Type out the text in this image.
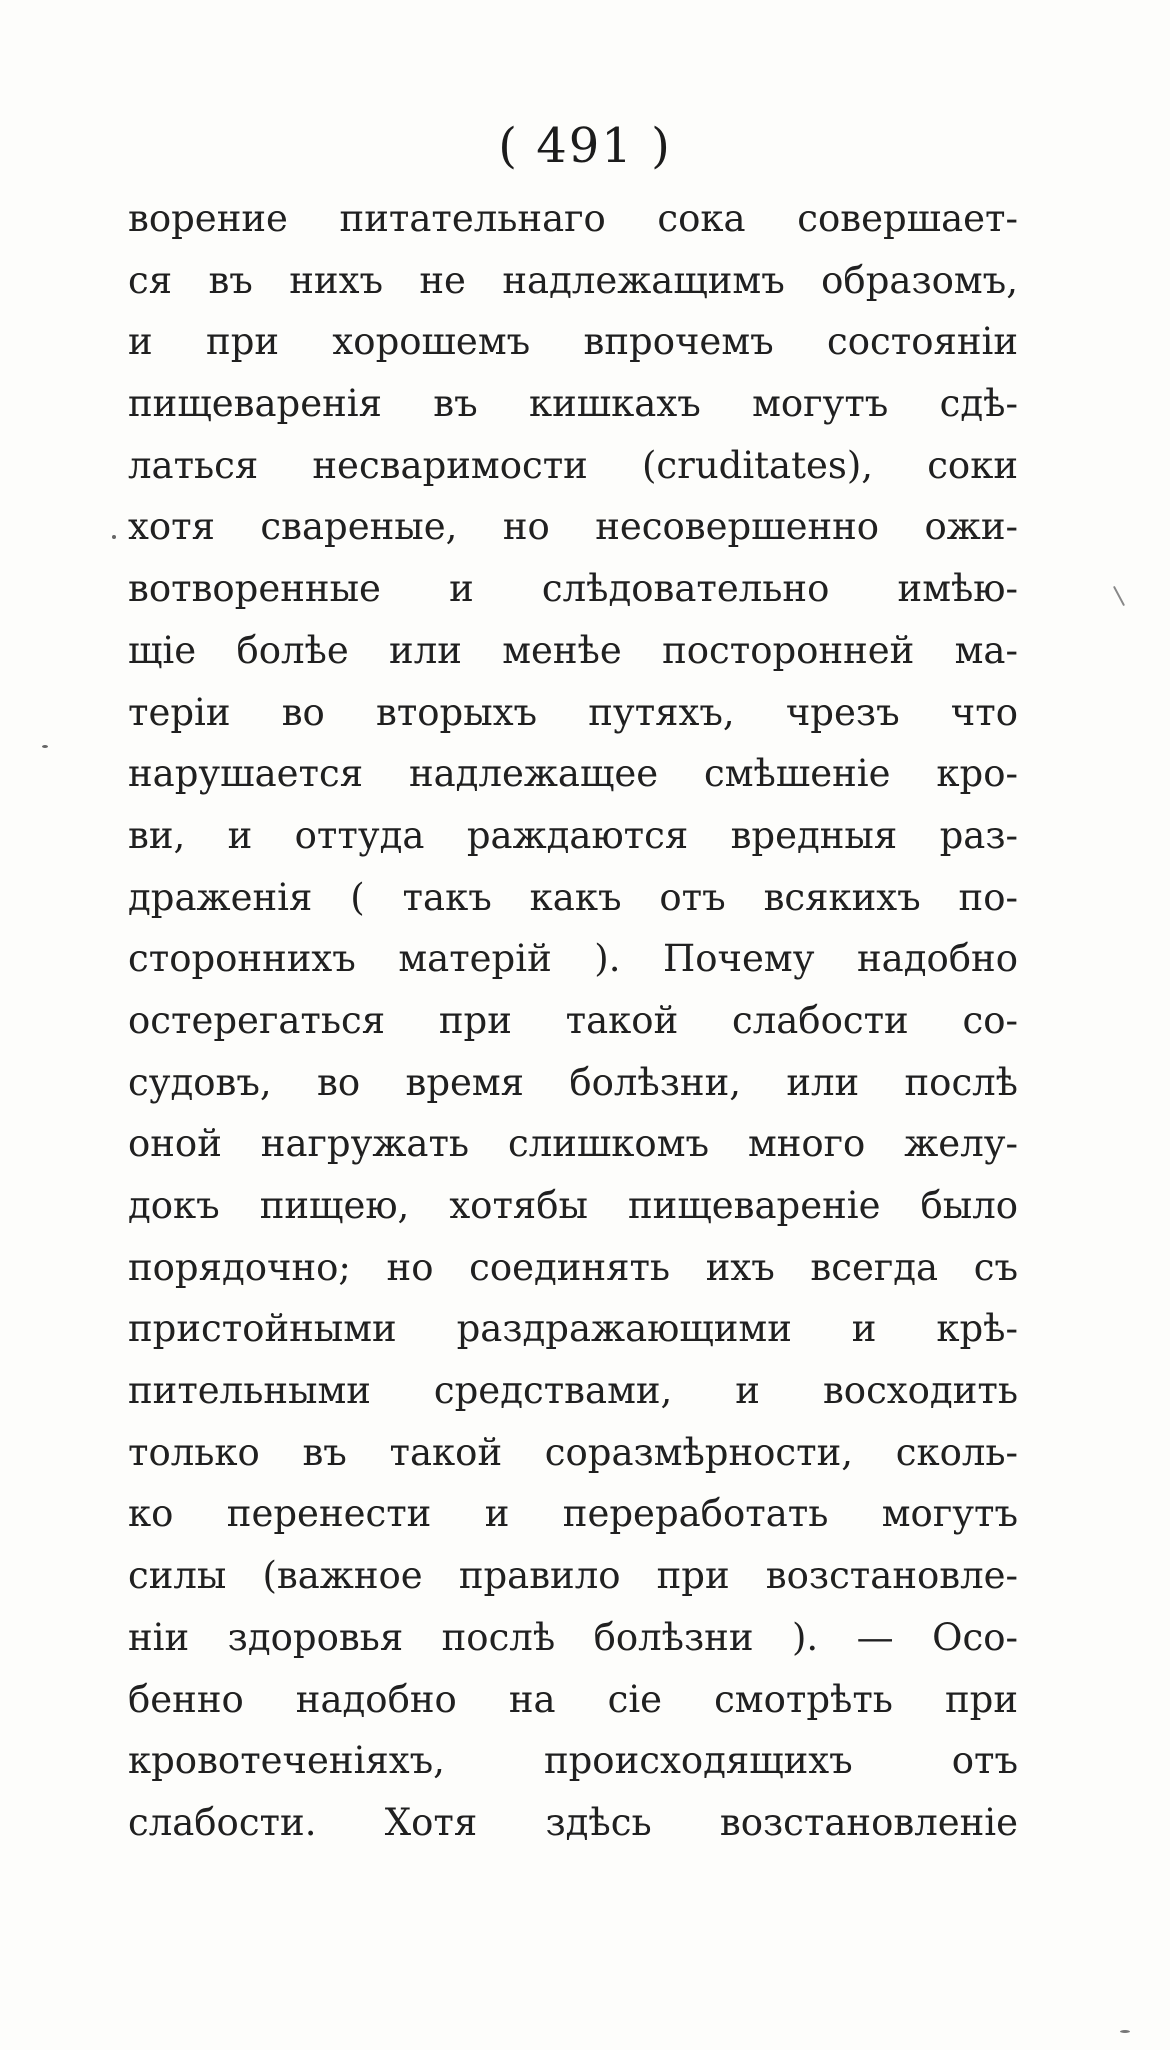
( 491 )
ворение питательнаго сока совершает-
ся въ нихъ не надлежащимъ образомъ,
и при хорошемъ впрочемъ состояніи
пищеваренія въ кишкахъ могутъ сдѣ-
латься несваримости (cruditates), соки
хотя свареные, но несовершенно ожи-
вотворенные и слѣдовательно имѣю-
щіе болѣе или менѣе посторонней ма-
теріи во вторыхъ путяхъ, чрезъ что
нарушается надлежащее смѣшеніе кро-
ви, и оттуда раждаются вредныя раз-
драженія ( такъ какъ отъ всякихъ по-
стороннихъ матерій ). Почему надобно
остерегаться при такой слабости со-
судовъ, во время болѣзни, или послѣ
оной нагружать слишкомъ много желу-
докъ пищею, хотябы пищевареніе было
порядочно; но соединять ихъ всегда съ
пристойными раздражающими и крѣ-
пительными средствами, и восходить
только въ такой соразмѣрности, сколь-
ко перенести и переработать могутъ
силы (важное правило при возстановле-
ніи здоровья послѣ болѣзни ). — Осо-
бенно надобно на сіе смотрѣть при
кровотеченіяхъ, происходящихъ отъ
слабости. Хотя здѣсь возстановленіе
